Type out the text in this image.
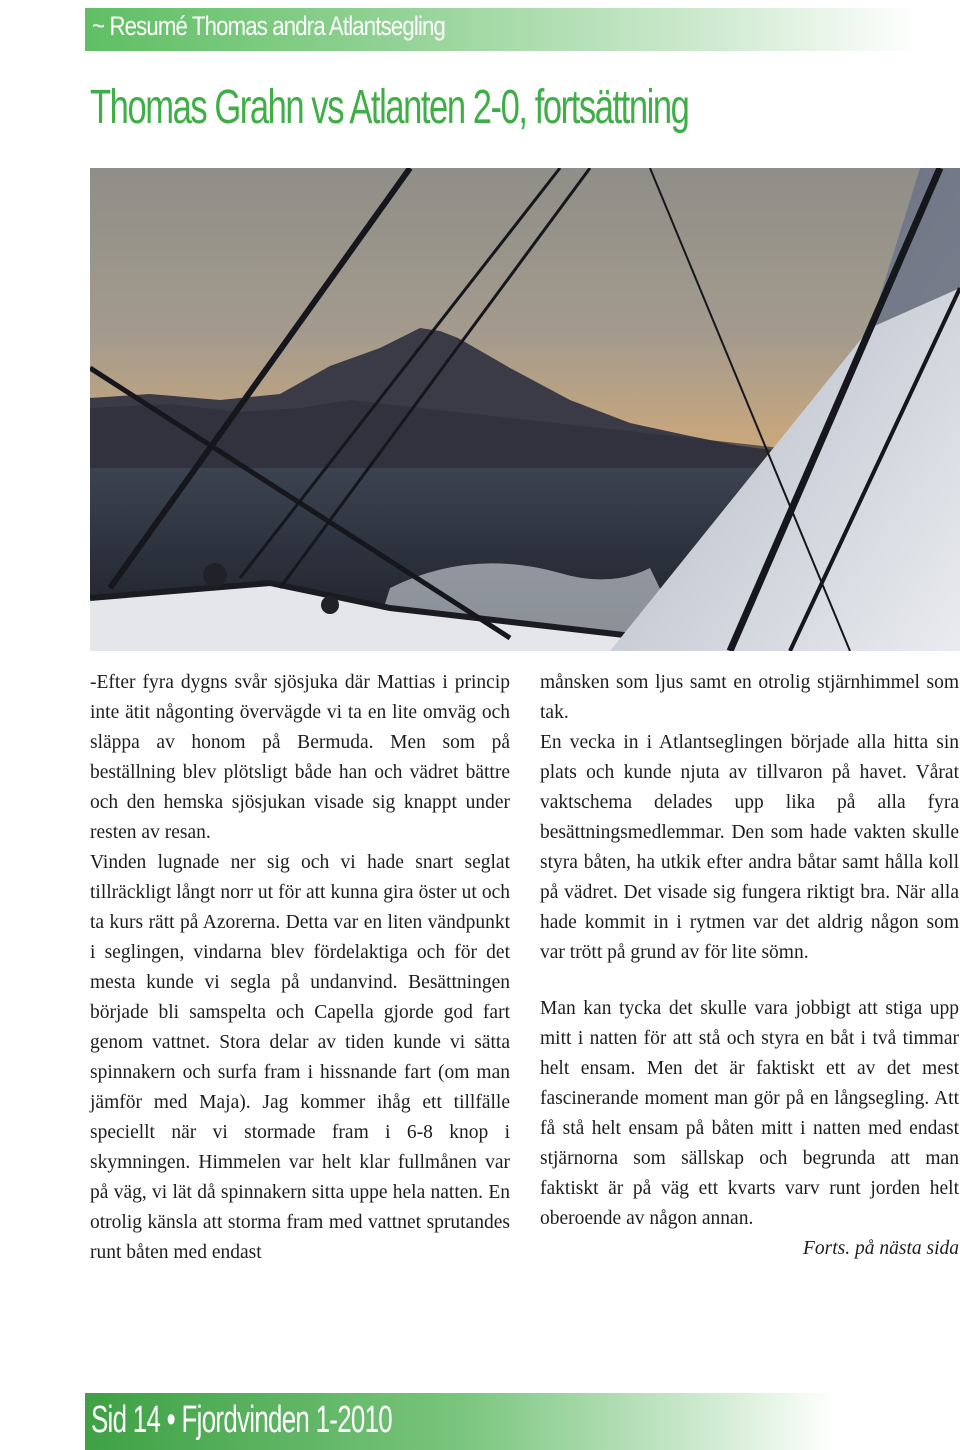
~ Resumé Thomas andra Atlantsegling
Thomas Grahn vs Atlanten 2-0, fortsättning

-Efter fyra dygns svår sjösjuka där Mattias i princip inte ätit någonting övervägde vi ta en lite omväg och släppa av honom på Bermuda. Men som på beställning blev plötsligt både han och vädret bättre och den hemska sjösjukan visade sig knappt under resten av resan.

Vinden lugnade ner sig och vi hade snart seglat tillräckligt långt norr ut för att kunna gira öster ut och ta kurs rätt på Azorerna. Detta var en liten vändpunkt i seglingen, vindarna blev fördelaktiga och för det mesta kunde vi segla på undanvind. Besättningen började bli samspelta och Capella gjorde god fart genom vattnet. Stora delar av tiden kunde vi sätta spinnakern och surfa fram i hissnande fart (om man jämför med Maja). Jag kommer ihåg ett tillfälle speciellt när vi stormade fram i 6-8 knop i skymningen. Himmelen var helt klar fullmånen var på väg, vi lät då spinnakern sitta uppe hela natten. En otrolig känsla att storma fram med vattnet sprutandes runt båten med endast

månsken som ljus samt en otrolig stjärnhimmel som tak.

En vecka in i Atlantseglingen började alla hitta sin plats och kunde njuta av tillvaron på havet. Vårat vaktschema delades upp lika på alla fyra besättningsmedlemmar. Den som hade vakten skulle styra båten, ha utkik efter andra båtar samt hålla koll på vädret. Det visade sig fungera riktigt bra. När alla hade kommit in i rytmen var det aldrig någon som var trött på grund av för lite sömn.

Man kan tycka det skulle vara jobbigt att stiga upp mitt i natten för att stå och styra en båt i två timmar helt ensam. Men det är faktiskt ett av det mest fascinerande moment man gör på en långsegling. Att få stå helt ensam på båten mitt i natten med endast stjärnorna som sällskap och begrunda att man faktiskt är på väg ett kvarts varv runt jorden helt oberoende av någon annan.

Forts. på nästa sida

Sid 14 • Fjordvinden 1-2010
